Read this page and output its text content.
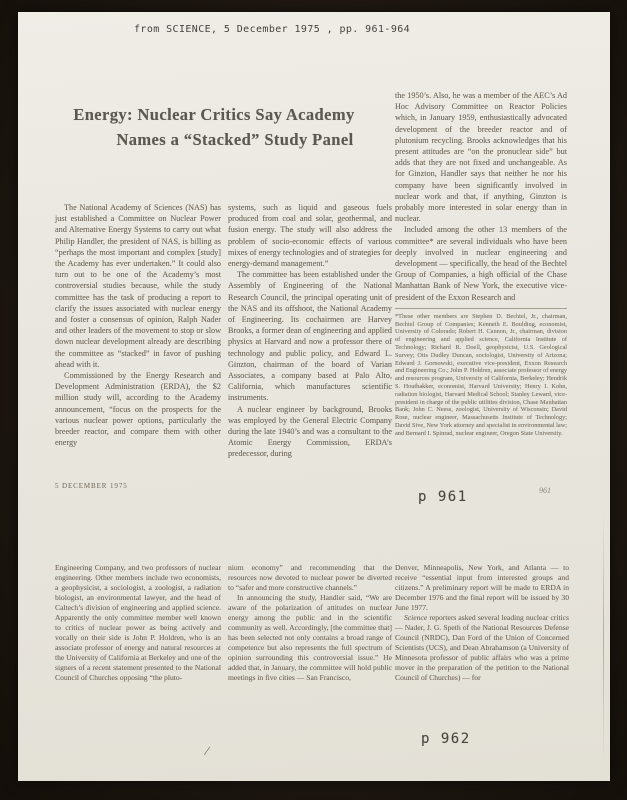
from SCIENCE, 5 December 1975 , pp. 961-964
Energy: Nuclear Critics Say Academy
Names a “Stacked” Study Panel

The National Academy of Sciences (NAS) has just established a Committee on Nuclear Power and Alternative Energy Systems to carry out what Philip Handler, the president of NAS, is billing as “perhaps the most important and complex [study] the Academy has ever undertaken.” It could also turn out to be one of the Academy’s most controversial studies because, while the study committee has the task of producing a report to clarify the issues associated with nuclear energy and foster a consensus of opinion, Ralph Nader and other leaders of the movement to stop or slow down nuclear development already are describing the committee as “stacked” in favor of pushing ahead with it.

Commissioned by the Energy Research and Development Administration (ERDA), the $2 million study will, according to the Academy announcement, “focus on the prospects for the various nuclear power options, particularly the breeder reactor, and compare them with other energy

5 DECEMBER 1975

systems, such as liquid and gaseous fuels produced from coal and solar, geothermal, and fusion energy. The study will also address the problem of socio-economic effects of various mixes of energy technologies and of strategies for energy-demand management.”

The committee has been established under the Assembly of Engineering of the National Research Council, the principal operating unit of the NAS and its offshoot, the National Academy of Engineering. Its cochairmen are Harvey Brooks, a former dean of engineering and applied physics at Harvard and now a professor there of technology and public policy, and Edward L. Ginzton, chairman of the board of Varian Associates, a company based at Palo Alto, California, which manufactures scientific instruments.

A nuclear engineer by background, Brooks was employed by the General Electric Company during the late 1940’s and was a consultant to the Atomic Energy Commission, ERDA’s predecessor, during

the 1950’s. Also, he was a member of the AEC’s Ad Hoc Advisory Committee on Reactor Policies which, in January 1959, enthusiastically advocated development of the breeder reactor and of plutonium recycling. Brooks acknowledges that his present attitudes are “on the pronuclear side” but adds that they are not fixed and unchangeable. As for Ginzton, Handler says that neither he nor his company have been significantly involved in nuclear work and that, if anything, Ginzton is probably more interested in solar energy than in nuclear.

Included among the other 13 members of the committee* are several individuals who have been deeply involved in nuclear engineering and development — specifically, the head of the Bechtel Group of Companies, a high official of the Chase Manhattan Bank of New York, the executive vice-president of the Exxon Research and

*These other members are Stephen D. Bechtel, Jr., chairman, Bechtel Group of Companies; Kenneth E. Boulding, economist, University of Colorado; Robert H. Cannon, Jr., chairman, division of engineering and applied science, California Institute of Technology; Richard R. Doell, geophysicist, U.S. Geological Survey; Otis Dudley Duncan, sociologist, University of Arizona; Edward J. Gornowski, executive vice-president, Exxon Research and Engineering Co.; John P. Holdren, associate professor of energy and resources program, University of California, Berkeley; Hendrik S. Houthakker, economist, Harvard University; Henry I. Kohn, radiation biologist, Harvard Medical School; Stanley Leward, vice-president in charge of the public utilities division, Chase Manhattan Bank; John C. Neess, zoologist, University of Wisconsin; David Rose, nuclear engineer, Massachusetts Institute of Technology; David Sive, New York attorney and specialist in environmental law; and Bernard I. Spinrad, nuclear engineer, Oregon State University.
961
p 961

Engineering Company, and two professors of nuclear engineering. Other members include two economists, a geophysicist, a sociologist, a zoologist, a radiation biologist, an environmental lawyer, and the head of Caltech’s division of engineering and applied science. Apparently the only committee member well known to critics of nuclear power as being actively and vocally on their side is John P. Holdren, who is an associate professor of energy and natural resources at the University of California at Berkeley and one of the signers of a recent statement presented to the National Council of Churches opposing “the pluto-

/

nium economy” and recommending that the resources now devoted to nuclear power be diverted to “safer and more constructive channels.”

In announcing the study, Handler said, “We are aware of the polarization of attitudes on nuclear energy among the public and in the scientific community as well. Accordingly, [the committee that] has been selected not only contains a broad range of competence but also represents the full spectrum of opinion surrounding this controversial issue.” He added that, in January, the committee will hold public meetings in five cities — San Francisco,

Denver, Minneapolis, New York, and Atlanta — to receive “essential input from interested groups and citizens.” A preliminary report will be made to ERDA in December 1976 and the final report will be issued by 30 June 1977.

Science reporters asked several leading nuclear critics — Nader, J. G. Speth of the National Resources Defense Council (NRDC), Dan Ford of the Union of Concerned Scientists (UCS), and Dean Abrahamson (a University of Minnesota professor of public affairs who was a prime mover in the preparation of the petition to the National Council of Churches) — for

p 962
